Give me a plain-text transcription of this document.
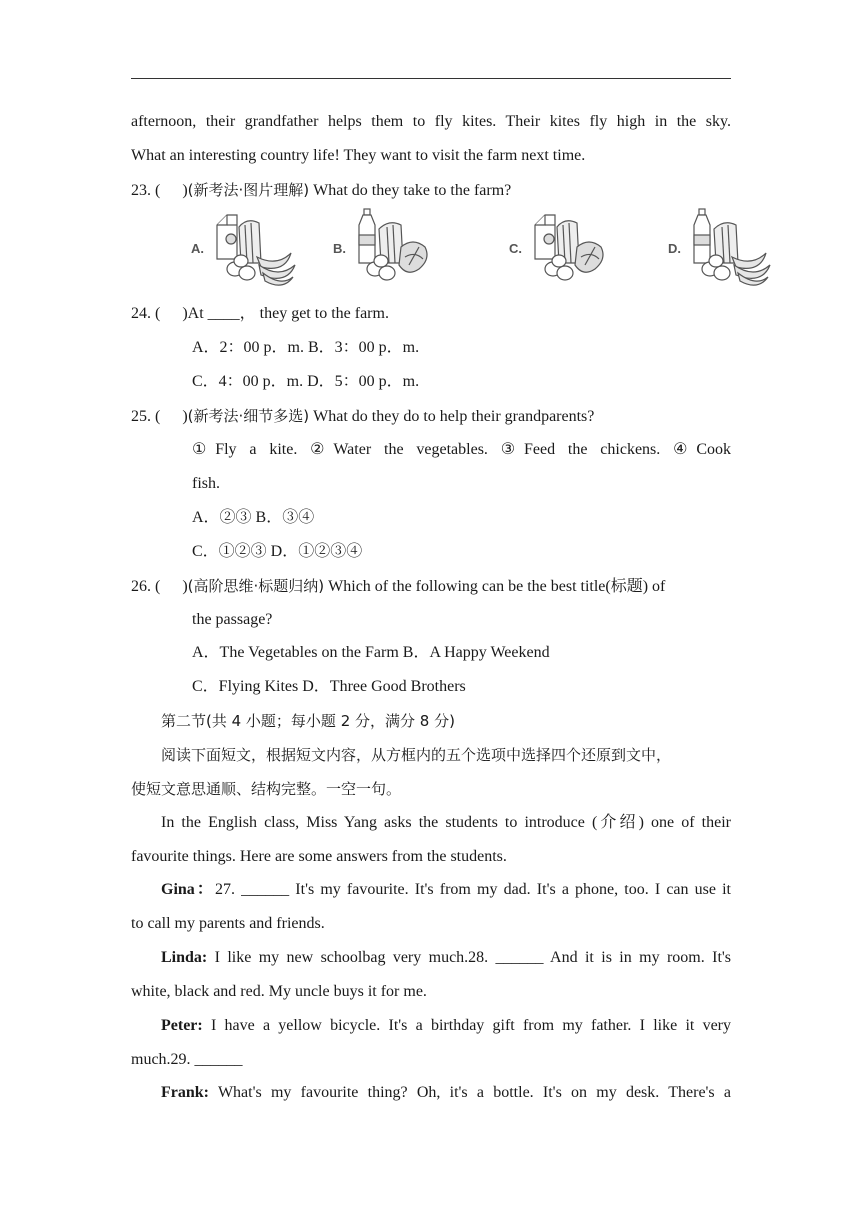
afternoon, their grandfather helps them to fly kites. Their kites fly high in the sky.
What an interesting country life! They want to visit the farm next time.
23. ( )(新考法·图片理解) What do they take to the farm?
A.	B.	C.	D.
24. ( )At ____， they get to the farm.
A．2：00 p．m. B．3：00 p．m.
C．4：00 p．m. D．5：00 p．m.
25. ( )(新考法·细节多选) What do they do to help their grandparents?
①Fly a kite. ②Water the vegetables. ③Feed the chickens. ④Cook
fish.
A．②③ B．③④
C．①②③ D．①②③④
26. ( )(高阶思维·标题归纳) Which of the following can be the best title(标题) of
the passage?
A．The Vegetables on the Farm B．A Happy Weekend
C．Flying Kites D．Three Good Brothers
第二节(共 4 小题；每小题 2 分，满分 8 分)
阅读下面短文，根据短文内容，从方框内的五个选项中选择四个还原到文中，
使短文意思通顺、结构完整。一空一句。
In the English class, Miss Yang asks the students to introduce (介绍) one of their
favourite things. Here are some answers from the students.
Gina：27. ______ It's my favourite. It's from my dad. It's a phone, too. I can use it
to call my parents and friends.
Linda: I like my new schoolbag very much.28. ______ And it is in my room. It's
white, black and red. My uncle buys it for me.
Peter: I have a yellow bicycle. It's a birthday gift from my father. I like it very
much.29. ______
Frank: What's my favourite thing? Oh, it's a bottle. It's on my desk. There's a
